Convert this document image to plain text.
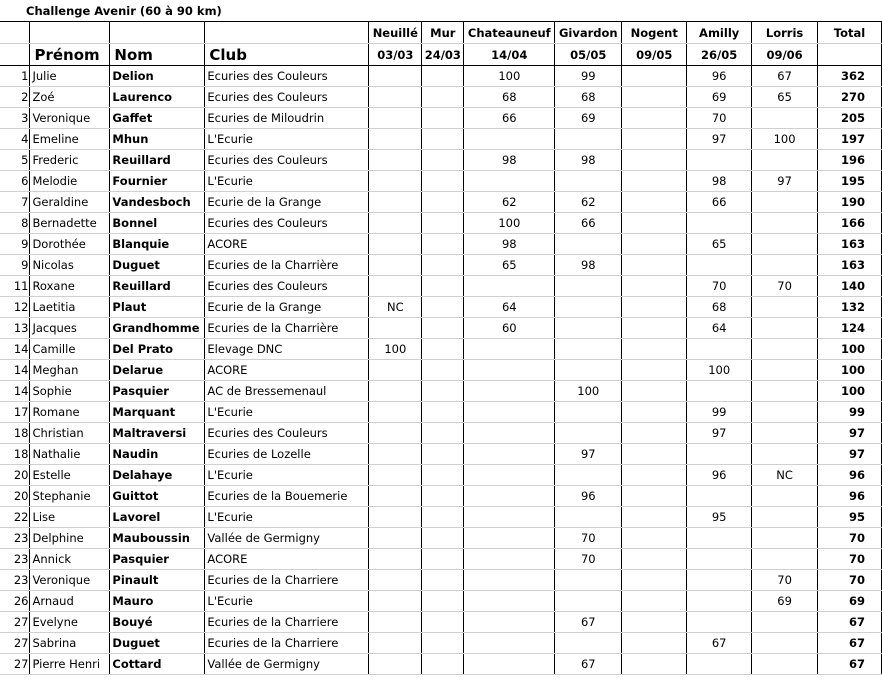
Challenge Avenir (60 à 90 km)											
				Neuillé	Mur	Chateauneuf	Givardon	Nogent	Amilly	Lorris	Total
	Prénom	Nom	Club	03/03	24/03	14/04	05/05	09/05	26/05	09/06	
1	Julie	Delion	Ecuries des Couleurs			100	99		96	67	362
2	Zoé	Laurenco	Ecuries des Couleurs			68	68		69	65	270
3	Veronique	Gaffet	Ecuries de Miloudrin			66	69		70		205
4	Emeline	Mhun	L'Ecurie						97	100	197
5	Frederic	Reuillard	Ecuries des Couleurs			98	98				196
6	Melodie	Fournier	L'Ecurie						98	97	195
7	Geraldine	Vandesboch	Ecurie de la Grange			62	62		66		190
8	Bernadette	Bonnel	Ecuries des Couleurs			100	66				166
9	Dorothée	Blanquie	ACORE			98			65		163
9	Nicolas	Duguet	Ecuries de la Charrière			65	98				163
11	Roxane	Reuillard	Ecuries des Couleurs						70	70	140
12	Laetitia	Plaut	Ecurie de la Grange	NC		64			68		132
13	Jacques	Grandhomme	Ecuries de la Charrière			60			64		124
14	Camille	Del Prato	Elevage DNC	100							100
14	Meghan	Delarue	ACORE						100		100
14	Sophie	Pasquier	AC de Bressemenaul				100				100
17	Romane	Marquant	L'Ecurie						99		99
18	Christian	Maltraversi	Ecuries des Couleurs						97		97
18	Nathalie	Naudin	Ecuries de Lozelle				97				97
20	Estelle	Delahaye	L'Ecurie						96	NC	96
20	Stephanie	Guittot	Ecuries de la Bouemerie				96				96
22	Lise	Lavorel	L'Ecurie						95		95
23	Delphine	Mauboussin	Vallée de Germigny				70				70
23	Annick	Pasquier	ACORE				70				70
23	Veronique	Pinault	Ecuries de la Charriere							70	70
26	Arnaud	Mauro	L'Ecurie							69	69
27	Evelyne	Bouyé	Ecuries de la Charriere				67				67
27	Sabrina	Duguet	Ecuries de la Charriere						67		67
27	Pierre Henri	Cottard	Vallée de Germigny				67				67
